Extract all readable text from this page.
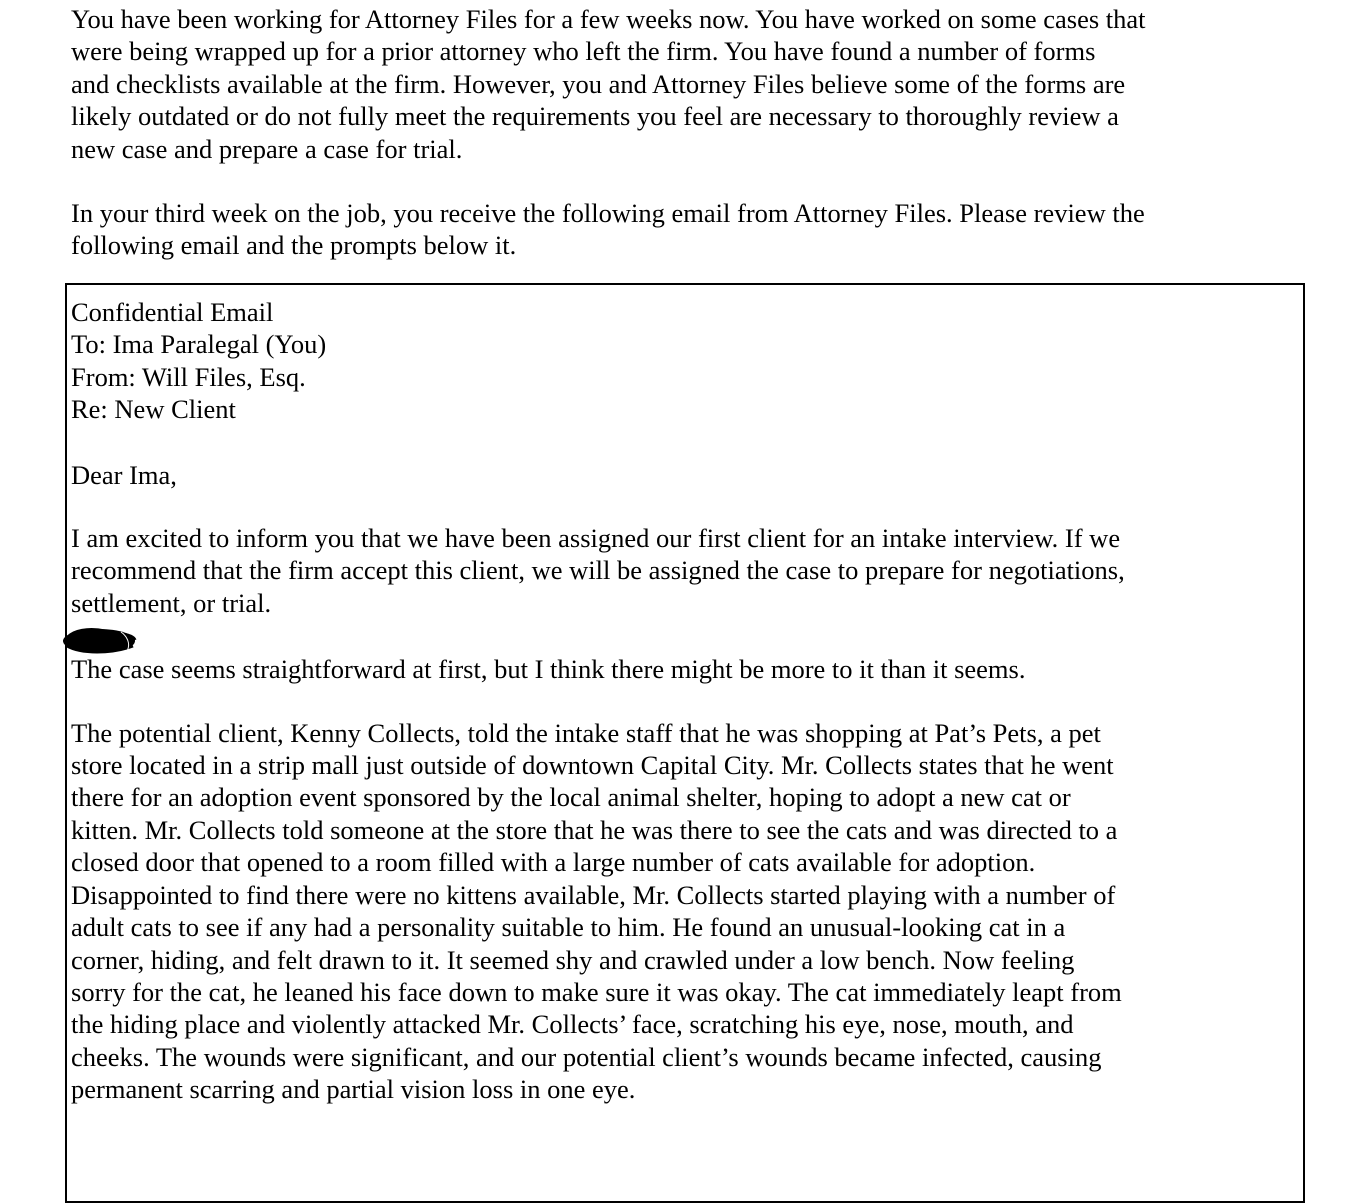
You have been working for Attorney Files for a few weeks now. You have worked on some cases that
were being wrapped up for a prior attorney who left the firm. You have found a number of forms
and checklists available at the firm. However, you and Attorney Files believe some of the forms are
likely outdated or do not fully meet the requirements you feel are necessary to thoroughly review a
new case and prepare a case for trial.

In your third week on the job, you receive the following email from Attorney Files. Please review the
following email and the prompts below it.

Confidential Email
To: Ima Paralegal (You)
From: Will Files, Esq.
Re: New Client
Dear Ima,
I am excited to inform you that we have been assigned our first client for an intake interview. If we
recommend that the firm accept this client, we will be assigned the case to prepare for negotiations,
settlement, or trial.
The case seems straightforward at first, but I think there might be more to it than it seems.
The potential client, Kenny Collects, told the intake staff that he was shopping at Pat’s Pets, a pet
store located in a strip mall just outside of downtown Capital City. Mr. Collects states that he went
there for an adoption event sponsored by the local animal shelter, hoping to adopt a new cat or
kitten. Mr. Collects told someone at the store that he was there to see the cats and was directed to a
closed door that opened to a room filled with a large number of cats available for adoption.
Disappointed to find there were no kittens available, Mr. Collects started playing with a number of
adult cats to see if any had a personality suitable to him. He found an unusual-looking cat in a
corner, hiding, and felt drawn to it. It seemed shy and crawled under a low bench. Now feeling
sorry for the cat, he leaned his face down to make sure it was okay. The cat immediately leapt from
the hiding place and violently attacked Mr. Collects’ face, scratching his eye, nose, mouth, and
cheeks. The wounds were significant, and our potential client’s wounds became infected, causing
permanent scarring and partial vision loss in one eye.
